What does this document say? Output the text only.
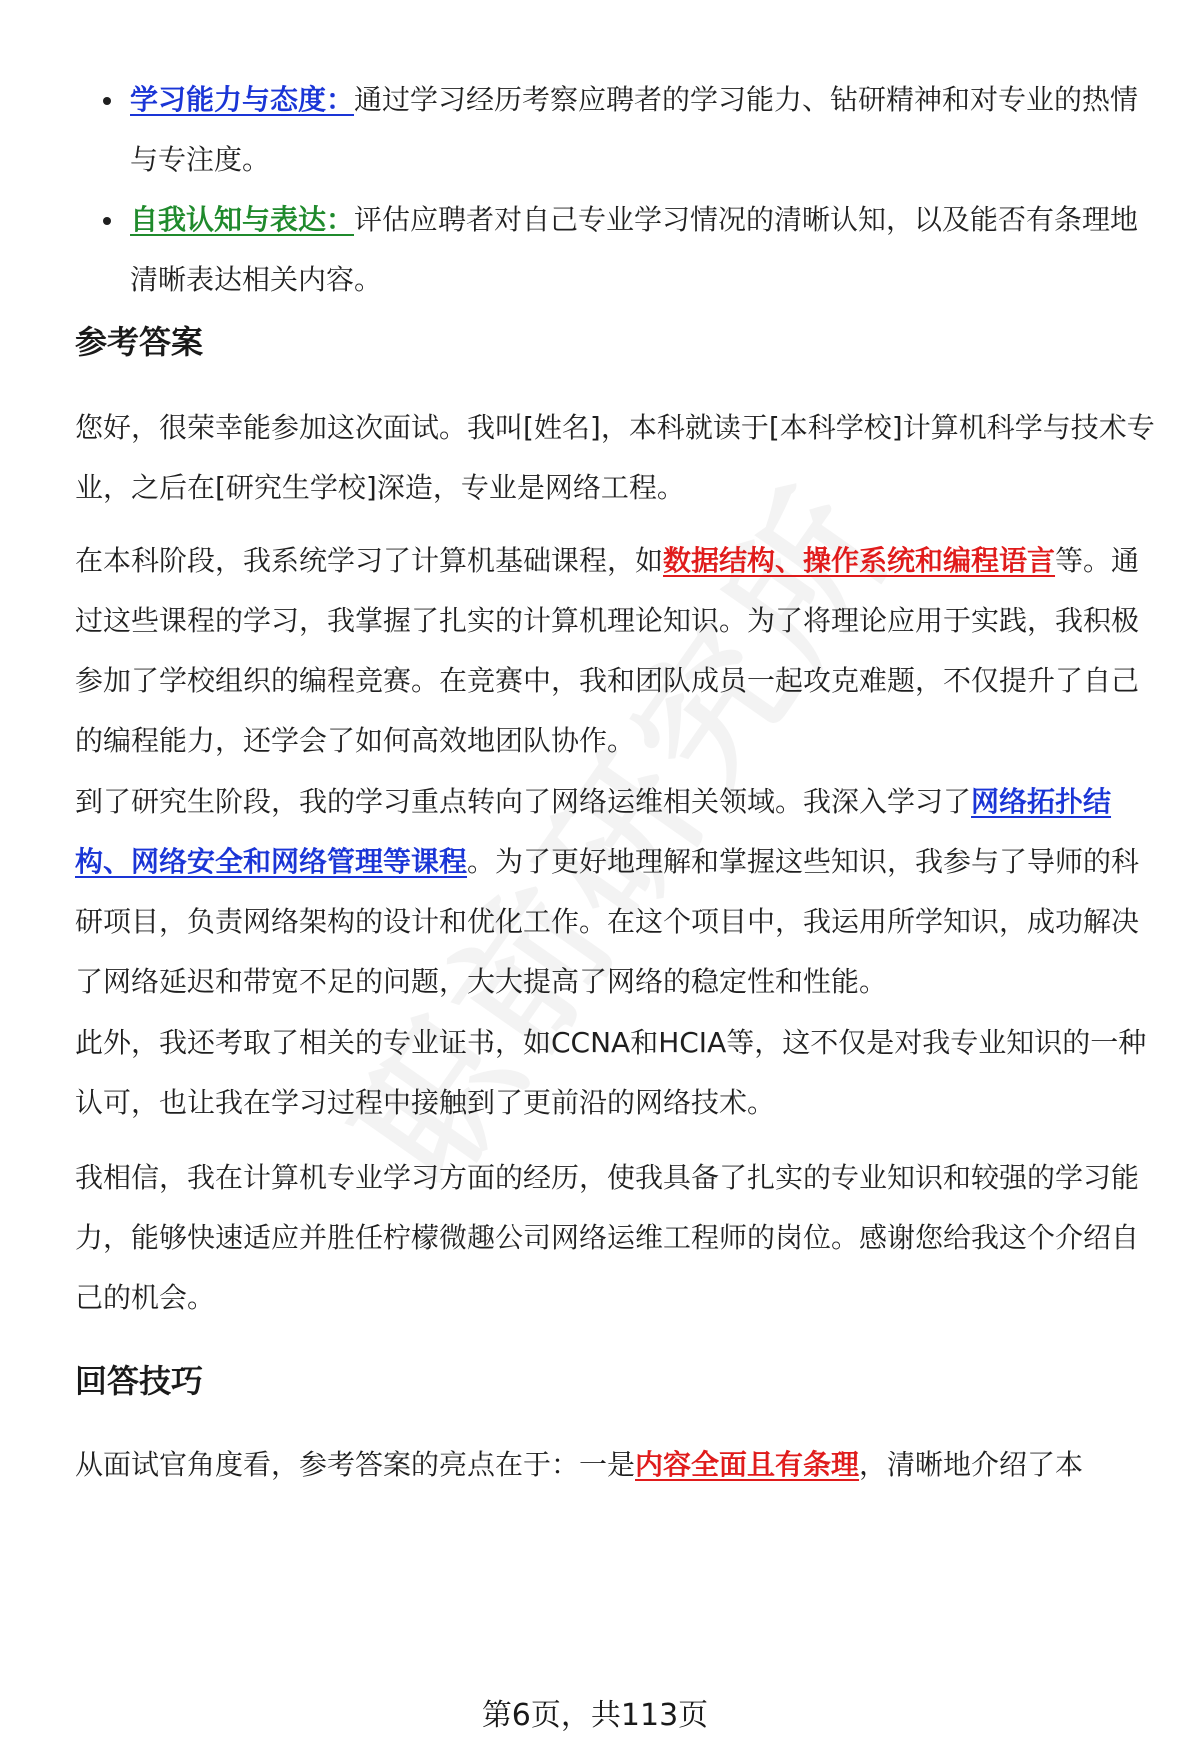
学习能力与态度：通过学习经历考察应聘者的学习能力、钻研精神和对专业的热情与专注度。
自我认知与表达：评估应聘者对自己专业学习情况的清晰认知，以及能否有条理地清晰表达相关内容。
参考答案

您好，很荣幸能参加这次面试。我叫[姓名]，本科就读于[本科学校]计算机科学与技术专业，之后在[研究生学校]深造，专业是网络工程。

在本科阶段，我系统学习了计算机基础课程，如数据结构、操作系统和编程语言等。通过这些课程的学习，我掌握了扎实的计算机理论知识。为了将理论应用于实践，我积极参加了学校组织的编程竞赛。在竞赛中，我和团队成员一起攻克难题，不仅提升了自己的编程能力，还学会了如何高效地团队协作。

到了研究生阶段，我的学习重点转向了网络运维相关领域。我深入学习了网络拓扑结构、网络安全和网络管理等课程。为了更好地理解和掌握这些知识，我参与了导师的科研项目，负责网络架构的设计和优化工作。在这个项目中，我运用所学知识，成功解决了网络延迟和带宽不足的问题，大大提高了网络的稳定性和性能。

此外，我还考取了相关的专业证书，如CCNA和HCIA等，这不仅是对我专业知识的一种认可，也让我在学习过程中接触到了更前沿的网络技术。

我相信，我在计算机专业学习方面的经历，使我具备了扎实的专业知识和较强的学习能力，能够快速适应并胜任柠檬微趣公司网络运维工程师的岗位。感谢您给我这个介绍自己的机会。

回答技巧

从面试官角度看，参考答案的亮点在于：一是内容全面且有条理，清晰地介绍了本

第6页，共113页
